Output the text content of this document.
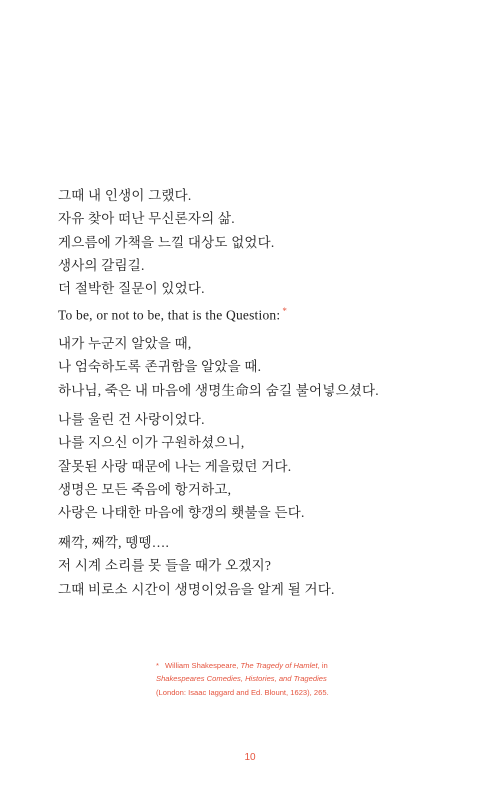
그때 내 인생이 그랬다.
자유 찾아 떠난 무신론자의 삶.
게으름에 가책을 느낄 대상도 없었다.
생사의 갈림길.
더 절박한 질문이 있었다.
To be, or not to be, that is the Question: *
내가 누군지 알았을 때,
나 엄숙하도록 존귀함을 알았을 때.
하나님, 죽은 내 마음에 생명生命의 숨길 불어넣으셨다.
나를 울린 건 사랑이었다.
나를 지으신 이가 구원하셨으니,
잘못된 사랑 때문에 나는 게을렀던 거다.
생명은 모든 죽음에 항거하고,
사랑은 나태한 마음에 향갱의 횃불을 든다.
째깍, 째깍, 뗑뗑….
저 시계 소리를 못 들을 때가 오겠지?
그때 비로소 시간이 생명이었음을 알게 될 거다.
* William Shakespeare, The Tragedy of Hamlet, in Shakespeares Comedies, Histories, and Tragedies (London: Isaac Iaggard and Ed. Blount, 1623), 265.
10
